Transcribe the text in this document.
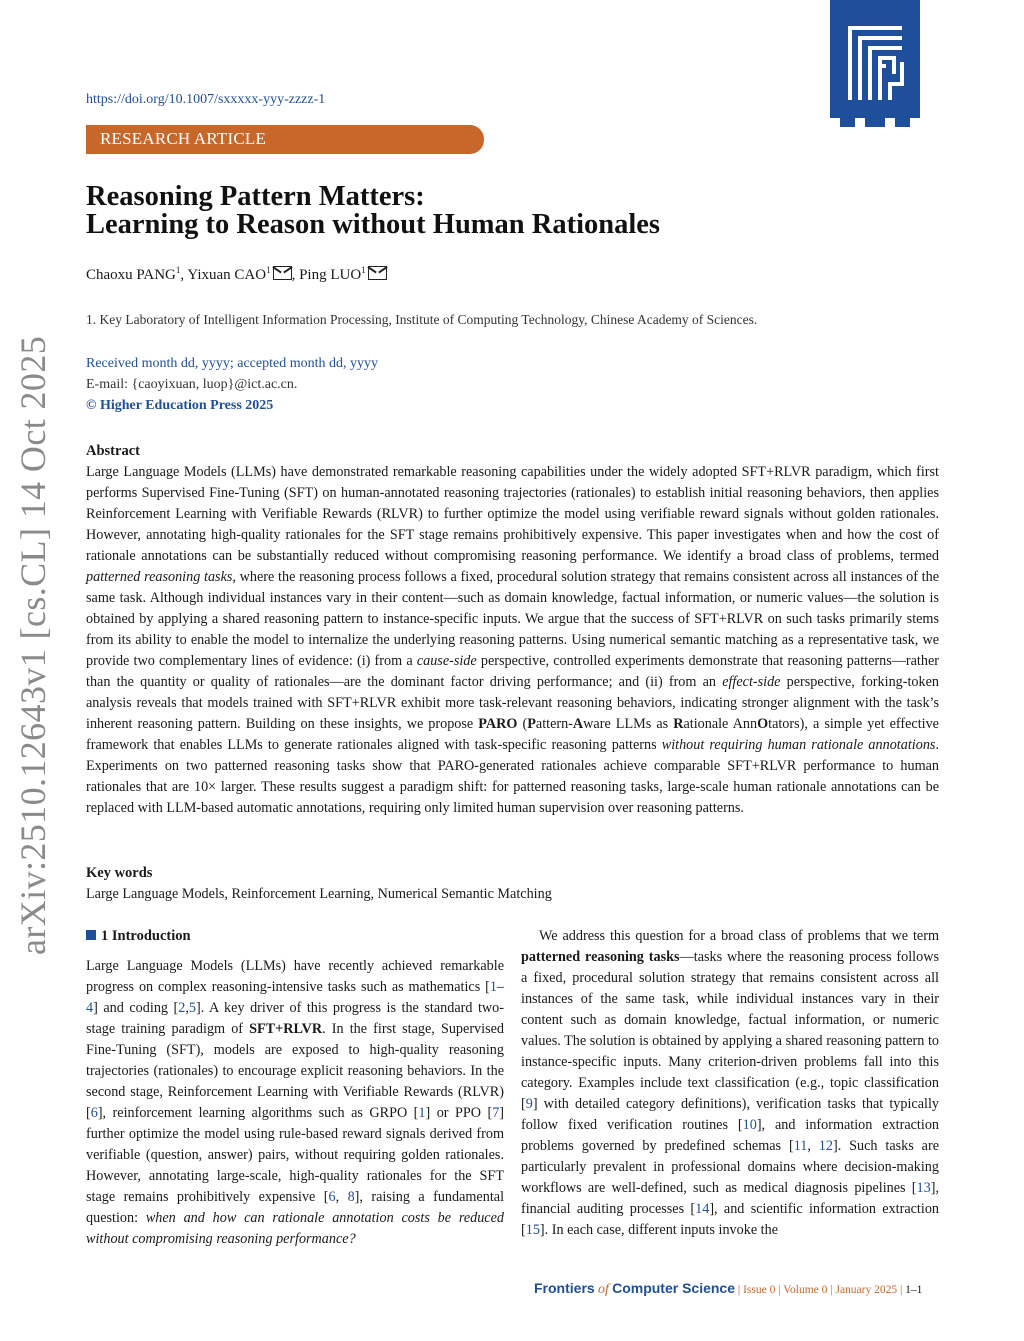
https://doi.org/10.1007/sxxxxx-yyy-zzzz-1
RESEARCH ARTICLE
Reasoning Pattern Matters:
Learning to Reason without Human Rationales
Chaoxu PANG$^1$, Yixuan CAO$^1$ , Ping LUO$^1$
1. Key Laboratory of Intelligent Information Processing, Institute of Computing Technology, Chinese Academy of Sciences.
Received month dd, yyyy; accepted month dd, yyyy
E-mail: {caoyixuan, luop}@ict.ac.cn.
© Higher Education Press 2025
arXiv:2510.12643v1 [cs.CL] 14 Oct 2025 Abstract

Large Language Models (LLMs) have demonstrated remarkable reasoning capabilities under the widely adopted SFT+RLVR paradigm, which first performs Supervised Fine-Tuning (SFT) on human-annotated reasoning trajectories (rationales) to establish initial reasoning behaviors, then applies Reinforcement Learning with Verifiable Rewards (RLVR) to further optimize the model using verifiable reward signals without golden rationales. However, annotating high-quality rationales for the SFT stage remains prohibitively expensive. This paper investigates when and how the cost of rationale annotations can be substantially reduced without compromising reasoning performance. We identify a broad class of problems, termed patterned reasoning tasks, where the reasoning process follows a fixed, procedural solution strategy that remains consistent across all instances of the same task. Although individual instances vary in their content—such as domain knowledge, factual information, or numeric values—the solution is obtained by applying a shared reasoning pattern to instance-specific inputs. We argue that the success of SFT+RLVR on such tasks primarily stems from its ability to enable the model to internalize the underlying reasoning patterns. Using numerical semantic matching as a representative task, we provide two complementary lines of evidence: (i) from a cause-side perspective, controlled experiments demonstrate that reasoning patterns—rather than the quantity or quality of rationales—are the dominant factor driving performance; and (ii) from an effect-side perspective, forking-token analysis reveals that models trained with SFT+RLVR exhibit more task-relevant reasoning behaviors, indicating stronger alignment with the task’s inherent reasoning pattern. Building on these insights, we propose PARO (Pattern-Aware LLMs as Rationale AnnOtators), a simple yet effective framework that enables LLMs to generate rationales aligned with task-specific reasoning patterns without requiring human rationale annotations. Experiments on two patterned reasoning tasks show that PARO-generated rationales achieve comparable SFT+RLVR performance to human rationales that are 10× larger. These results suggest a paradigm shift: for patterned reasoning tasks, large-scale human rationale annotations can be replaced with LLM-based automatic annotations, requiring only limited human supervision over reasoning patterns.

Key words
Large Language Models, Reinforcement Learning, Numerical Semantic Matching
1 Introduction

Large Language Models (LLMs) have recently achieved remarkable progress on complex reasoning-intensive tasks such as mathematics [1–4] and coding [2,5]. A key driver of this progress is the standard two-stage training paradigm of SFT+RLVR. In the first stage, Supervised Fine-Tuning (SFT), models are exposed to high-quality reasoning trajectories (rationales) to encourage explicit reasoning behaviors. In the second stage, Reinforcement Learning with Verifiable Rewards (RLVR) [6], reinforcement learning algorithms such as GRPO [1] or PPO [7] further optimize the model using rule-based reward signals derived from verifiable (question, answer) pairs, without requiring golden rationales. However, annotating large-scale, high-quality rationales for the SFT stage remains prohibitively expensive [6, 8], raising a fundamental question: when and how can rationale annotation costs be reduced without compromising reasoning performance?

We address this question for a broad class of problems that we term patterned reasoning tasks—tasks where the reasoning process follows a fixed, procedural solution strategy that remains consistent across all instances of the same task, while individual instances vary in their content such as domain knowledge, factual information, or numeric values. The solution is obtained by applying a shared reasoning pattern to instance-specific inputs. Many criterion-driven problems fall into this category. Examples include text classification (e.g., topic classification [9] with detailed category definitions), verification tasks that typically follow fixed verification routines [10], and information extraction problems governed by predefined schemas [11, 12]. Such tasks are particularly prevalent in professional domains where decision-making workflows are well-defined, such as medical diagnosis pipelines [13], financial auditing processes [14], and scientific information extraction [15]. In each case, different inputs invoke the

Frontiers of Computer Science | Issue 0 | Volume 0 | January 2025 | 1–1
